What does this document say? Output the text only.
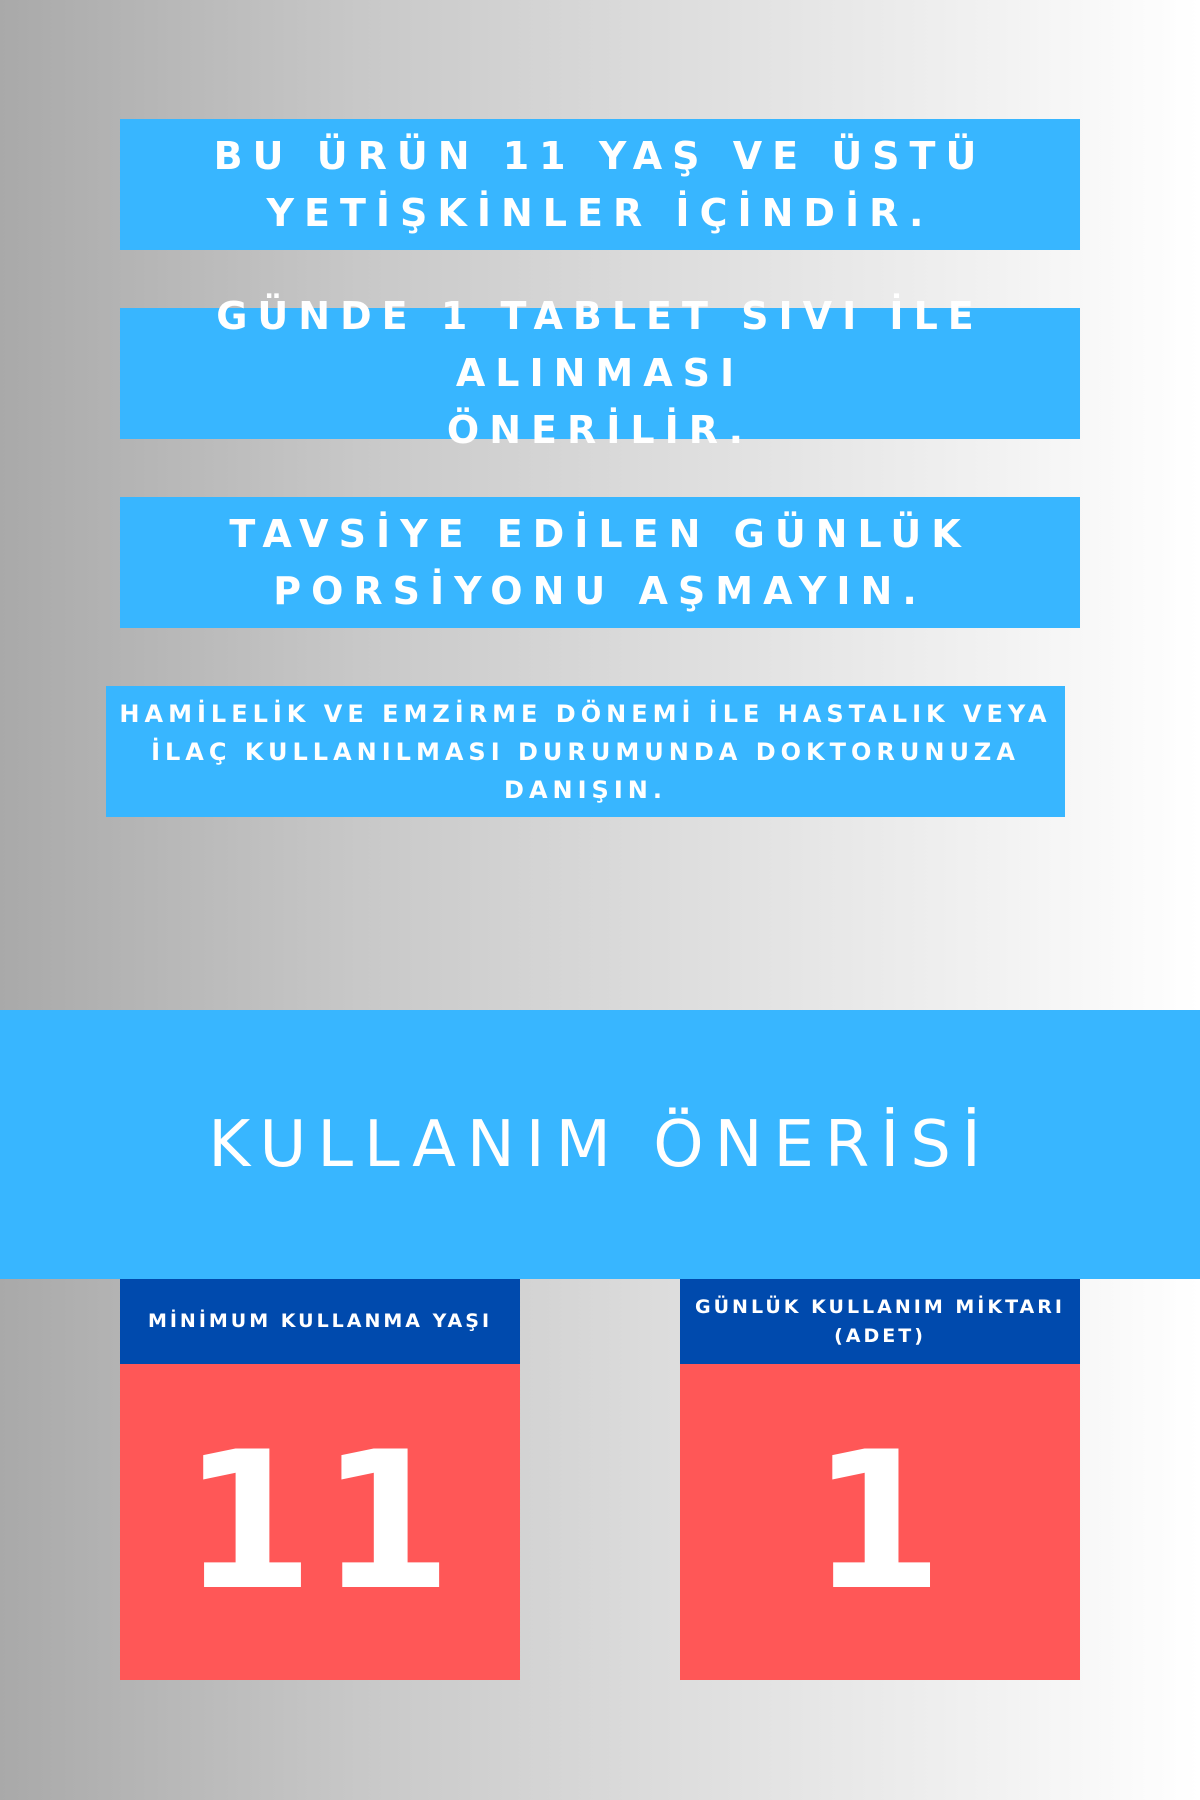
BU ÜRÜN 11 YAŞ VE ÜSTÜ
YETİŞKİNLER İÇİNDİR.
GÜNDE 1 TABLET SIVI İLE ALINMASI
ÖNERİLİR.
TAVSİYE EDİLEN GÜNLÜK
PORSİYONU AŞMAYIN.
HAMİLELİK VE EMZİRME DÖNEMİ İLE HASTALIK VEYA
İLAÇ KULLANILMASI DURUMUNDA DOKTORUNUZA
DANIŞIN.
KULLANIM ÖNERİSİ
MİNİMUM KULLANMA YAŞI
11
GÜNLÜK KULLANIM MİKTARI
(ADET)
1
